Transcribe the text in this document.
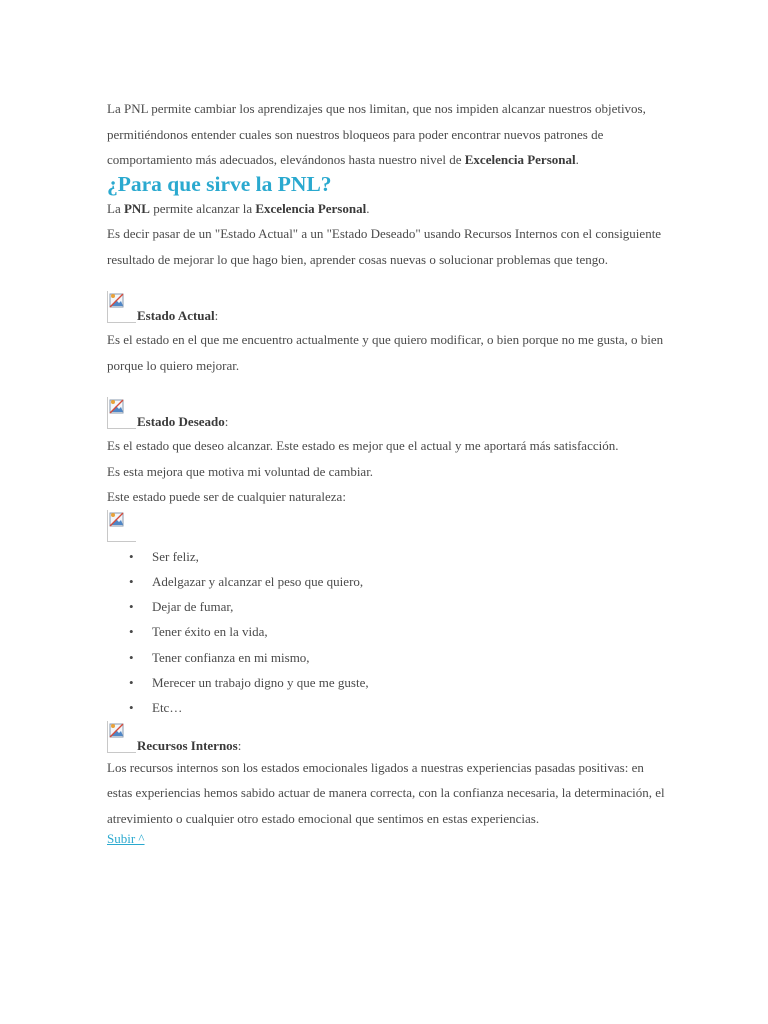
La PNL permite cambiar los aprendizajes que nos limitan, que nos impiden alcanzar nuestros objetivos, permitiéndonos entender cuales son nuestros bloqueos para poder encontrar nuevos patrones de comportamiento más adecuados, elevándonos hasta nuestro nivel de Excelencia Personal.

¿Para que sirve la PNL?

La PNL permite alcanzar la Excelencia Personal.
Es decir pasar de un "Estado Actual" a un "Estado Deseado" usando Recursos Internos con el consiguiente resultado de mejorar lo que hago bien, aprender cosas nuevas o solucionar problemas que tengo.

Estado Actual:

Es el estado en el que me encuentro actualmente y que quiero modificar, o bien porque no me gusta, o bien porque lo quiero mejorar.

Estado Deseado:

Es el estado que deseo alcanzar. Este estado es mejor que el actual y me aportará más satisfacción.
Es esta mejora que motiva mi voluntad de cambiar.
Este estado puede ser de cualquier naturaleza:

• Ser feliz,
• Adelgazar y alcanzar el peso que quiero,
• Dejar de fumar,
• Tener éxito en la vida,
• Tener confianza en mi mismo,
• Merecer un trabajo digno y que me guste,
• Etc…
Recursos Internos:

Los recursos internos son los estados emocionales ligados a nuestras experiencias pasadas positivas: en estas experiencias hemos sabido actuar de manera correcta, con la confianza necesaria, la determinación, el atrevimiento o cualquier otro estado emocional que sentimos en estas experiencias.

Subir ^
